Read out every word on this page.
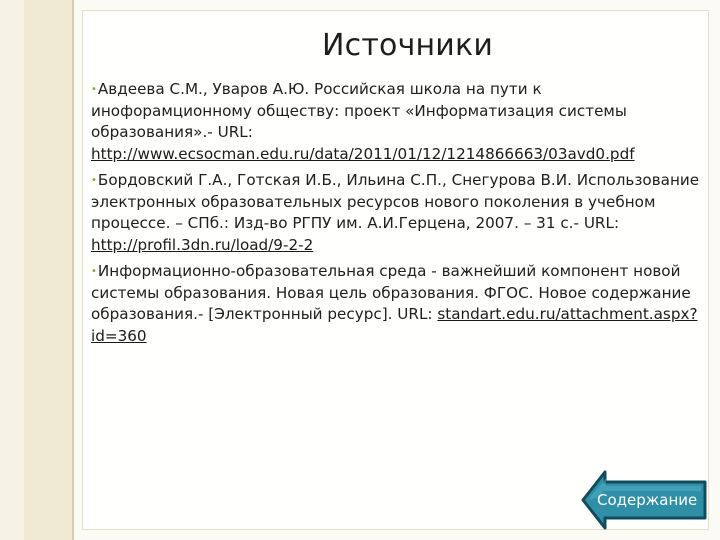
Источники
•Авдеева С.М., Уваров А.Ю. Российская школа на пути к инофорамционному обществу: проект «Информатизация системы образования».- URL: http://www.ecsocman.edu.ru/data/2011/01/12/1214866663/03avd0.pdf
•Бордовский Г.А., Готская И.Б., Ильина С.П., Снегурова В.И. Использование электронных образовательных ресурсов нового поколения в учебном процессе. – СПб.: Изд-во РГПУ им. А.И.Герцена, 2007. – 31 с.- URL: http://profil.3dn.ru/load/9-2-2
•Информационно-образовательная среда - важнейший компонент новой системы образования. Новая цель образования. ФГОС. Новое содержание образования.- [Электронный ресурс]. URL: standart.edu.ru/attachment.aspx?id=360
Содержание
